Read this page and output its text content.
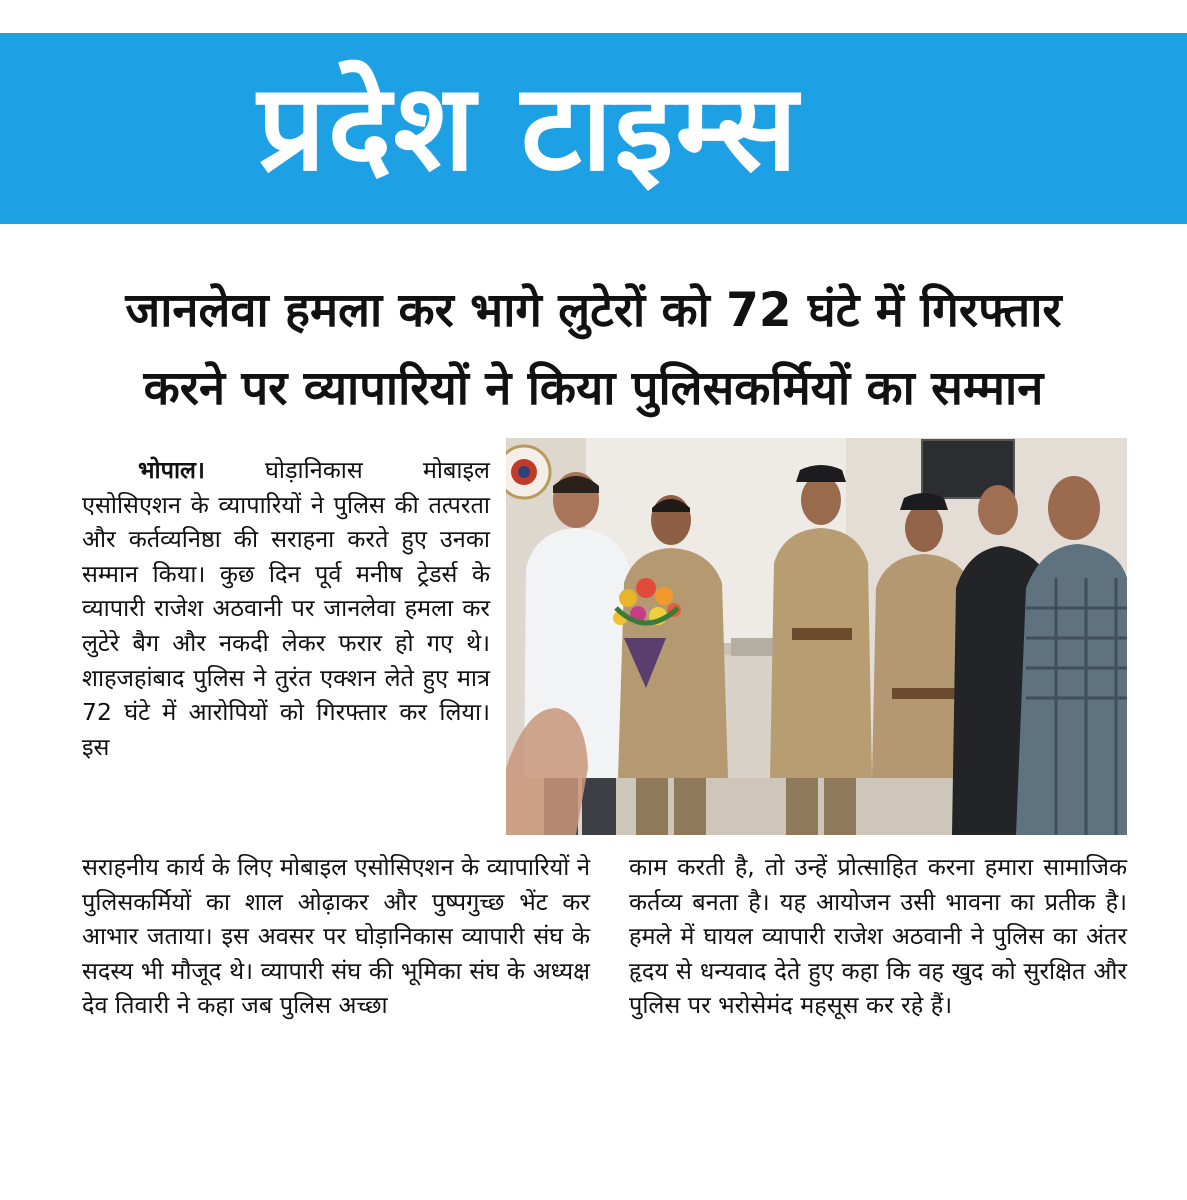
प्रदेश टाइम्स
जानलेवा हमला कर भागे लुटेरों को 72 घंटे में गिरफ्तार
करने पर व्यापारियों ने किया पुलिसकर्मियों का सम्मान

भोपाल।	घोड़ानिकास मोबाइल एसोसिएशन के व्यापारियों ने पुलिस की तत्परता और कर्तव्यनिष्ठा की सराहना करते हुए उनका सम्मान किया। कुछ दिन पूर्व मनीष ट्रेडर्स के व्यापारी राजेश अठवानी पर जानलेवा हमला कर लुटेरे बैग और नकदी लेकर फरार हो गए थे। शाहजहांबाद पुलिस ने तुरंत एक्शन लेते हुए मात्र 72 घंटे में आरोपियों को गिरफ्तार कर लिया। इस

सराहनीय कार्य के लिए मोबाइल एसोसिएशन के व्यापारियों ने पुलिसकर्मियों का शाल ओढ़ाकर और पुष्पगुच्छ भेंट कर आभार जताया। इस अवसर पर घोड़ानिकास व्यापारी संघ के सदस्य भी मौजूद थे। व्यापारी संघ की भूमिका संघ के अध्यक्ष देव तिवारी ने कहा जब पुलिस अच्छा

काम करती है, तो उन्हें प्रोत्साहित करना हमारा सामाजिक कर्तव्य बनता है। यह आयोजन उसी भावना का प्रतीक है। हमले में घायल व्यापारी राजेश अठवानी ने पुलिस का अंतर हृदय से धन्यवाद देते हुए कहा कि वह खुद को सुरक्षित और पुलिस पर भरोसेमंद महसूस कर रहे हैं।
